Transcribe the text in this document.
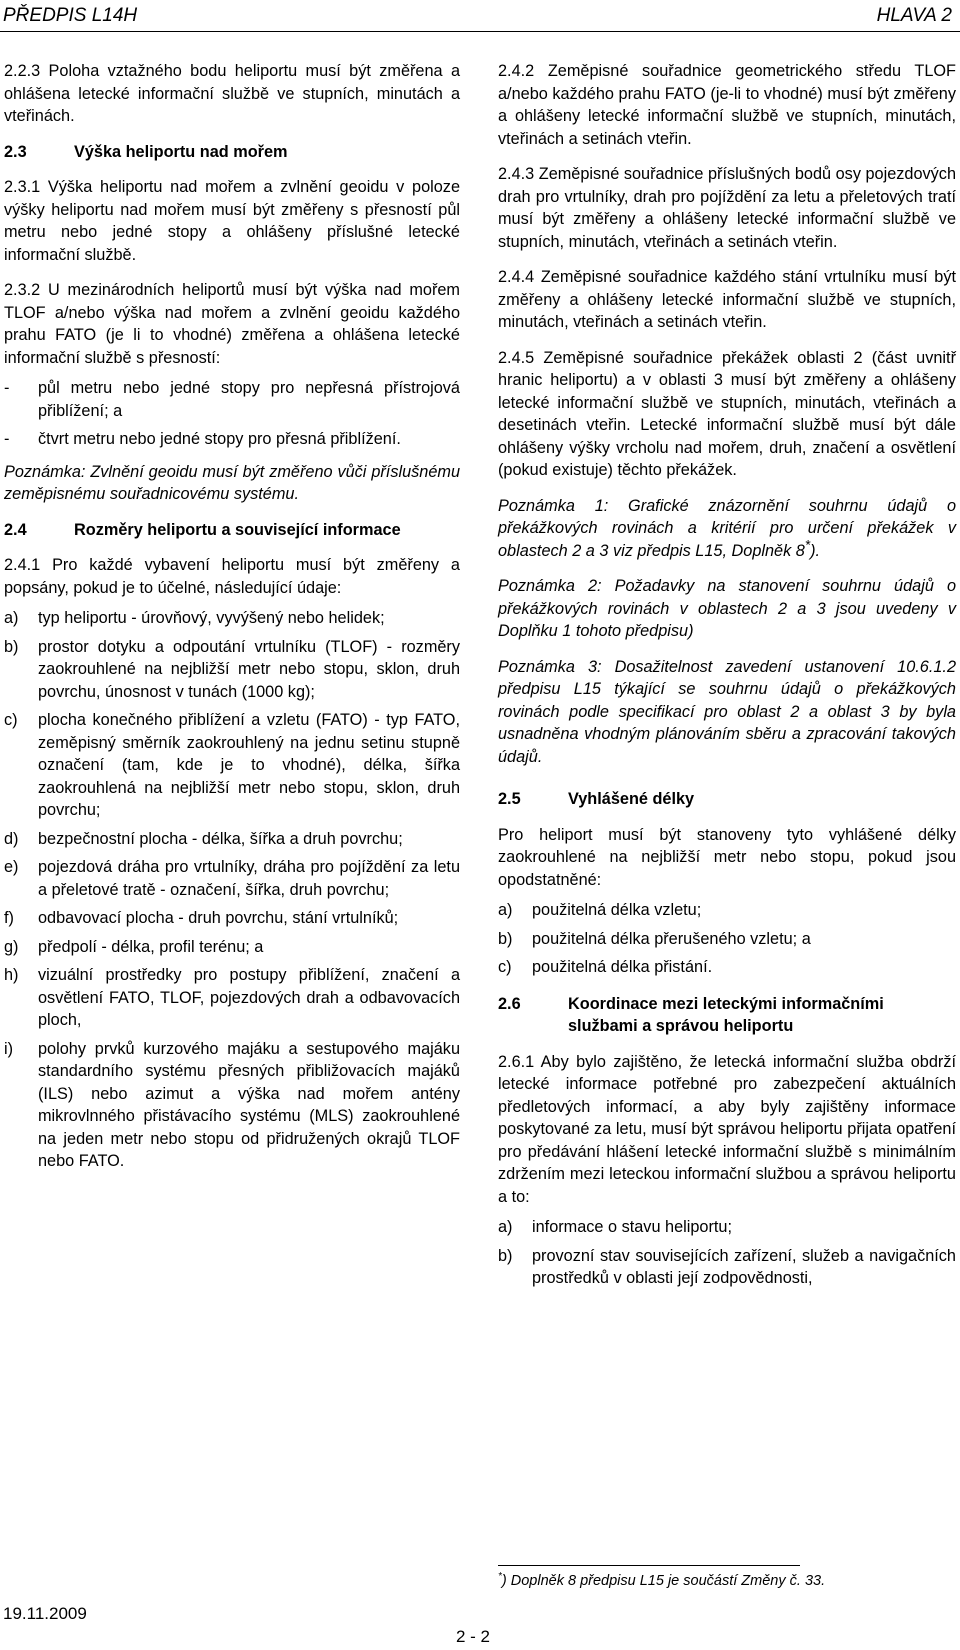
PŘEDPIS L14H	HLAVA 2

2.2.3 Poloha vztažného bodu heliportu musí být změřena a ohlášena letecké informační službě ve stupních, minutách a vteřinách.

2.3	Výška heliportu nad mořem

2.3.1 Výška heliportu nad mořem a zvlnění geoidu v poloze výšky heliportu nad mořem musí být změřeny s přesností půl metru nebo jedné stopy a ohlášeny příslušné letecké informační službě.

2.3.2 U mezinárodních heliportů musí být výška nad mořem TLOF a/nebo výška nad mořem a zvlnění geoidu každého prahu FATO (je li to vhodné) změřena a ohlášena letecké informační službě s přesností:

- půl metru nebo jedné stopy pro nepřesná přístrojová přiblížení; a
- čtvrt metru nebo jedné stopy pro přesná přiblížení.

Poznámka: Zvlnění geoidu musí být změřeno vůči příslušnému zeměpisnému souřadnicovému systému.

2.4	Rozměry heliportu a související informace

2.4.1 Pro každé vybavení heliportu musí být změřeny a popsány, pokud je to účelné, následující údaje:

a) typ heliportu - úrovňový, vyvýšený nebo helidek;
b) prostor dotyku a odpoutání vrtulníku (TLOF) - rozměry zaokrouhlené na nejbližší metr nebo stopu, sklon, druh povrchu, únosnost v tunách (1000 kg);
c) plocha konečného přiblížení a vzletu (FATO) - typ FATO, zeměpisný směrník zaokrouhlený na jednu setinu stupně označení (tam, kde je to vhodné), délka, šířka zaokrouhlená na nejbližší metr nebo stopu, sklon, druh povrchu;
d) bezpečnostní plocha - délka, šířka a druh povrchu;
e) pojezdová dráha pro vrtulníky, dráha pro pojíždění za letu a přeletové tratě - označení, šířka, druh povrchu;
f) odbavovací plocha - druh povrchu, stání vrtulníků;
g) předpolí - délka, profil terénu; a
h) vizuální prostředky pro postupy přiblížení, značení a osvětlení FATO, TLOF, pojezdových drah a odbavovacích ploch,
i) polohy prvků kurzového majáku a sestupového majáku standardního systému přesných přibližovacích majáků (ILS) nebo azimut a výška nad mořem antény mikrovlnného přistávacího systému (MLS) zaokrouhlené na jeden metr nebo stopu od přidružených okrajů TLOF nebo FATO.

2.4.2 Zeměpisné souřadnice geometrického středu TLOF a/nebo každého prahu FATO (je-li to vhodné) musí být změřeny a ohlášeny letecké informační službě ve stupních, minutách, vteřinách a setinách vteřin.

2.4.3 Zeměpisné souřadnice příslušných bodů osy pojezdových drah pro vrtulníky, drah pro pojíždění za letu a přeletových tratí musí být změřeny a ohlášeny letecké informační službě ve stupních, minutách, vteřinách a setinách vteřin.

2.4.4 Zeměpisné souřadnice každého stání vrtulníku musí být změřeny a ohlášeny letecké informační službě ve stupních, minutách, vteřinách a setinách vteřin.

2.4.5 Zeměpisné souřadnice překážek oblasti 2 (část uvnitř hranic heliportu) a v oblasti 3 musí být změřeny a ohlášeny letecké informační službě ve stupních, minutách, vteřinách a desetinách vteřin. Letecké informační službě musí být dále ohlášeny výšky vrcholu nad mořem, druh, značení a osvětlení (pokud existuje) těchto překážek.

Poznámka 1: Grafické znázornění souhrnu údajů o překážkových rovinách a kritérií pro určení překážek v oblastech 2 a 3 viz předpis L15, Doplněk 8*).

Poznámka 2: Požadavky na stanovení souhrnu údajů o překážkových rovinách v oblastech 2 a 3 jsou uvedeny v Doplňku 1 tohoto předpisu)

Poznámka 3: Dosažitelnost zavedení ustanovení 10.6.1.2 předpisu L15 týkající se souhrnu údajů o překážkových rovinách podle specifikací pro oblast 2 a oblast 3 by byla usnadněna vhodným plánováním sběru a zpracování takových údajů.

2.5	Vyhlášené délky

Pro heliport musí být stanoveny tyto vyhlášené délky zaokrouhlené na nejbližší metr nebo stopu, pokud jsou opodstatněné:

a) použitelná délka vzletu;
b) použitelná délka přerušeného vzletu; a
c) použitelná délka přistání.
2.6	Koordinace mezi leteckými informačními službami a správou heliportu

2.6.1 Aby bylo zajištěno, že letecká informační služba obdrží letecké informace potřebné pro zabezpečení aktuálních předletových informací, a aby byly zajištěny informace poskytované za letu, musí být správou heliportu přijata opatření pro předávání hlášení letecké informační službě s minimálním zdržením mezi leteckou informační službou a správou heliportu a to:

a) informace o stavu heliportu;
b) provozní stav souvisejících zařízení, služeb a navigačních prostředků v oblasti její zodpovědnosti,
*) Doplněk 8 předpisu L15 je součástí Změny č. 33.
19.11.2009
2 - 2
